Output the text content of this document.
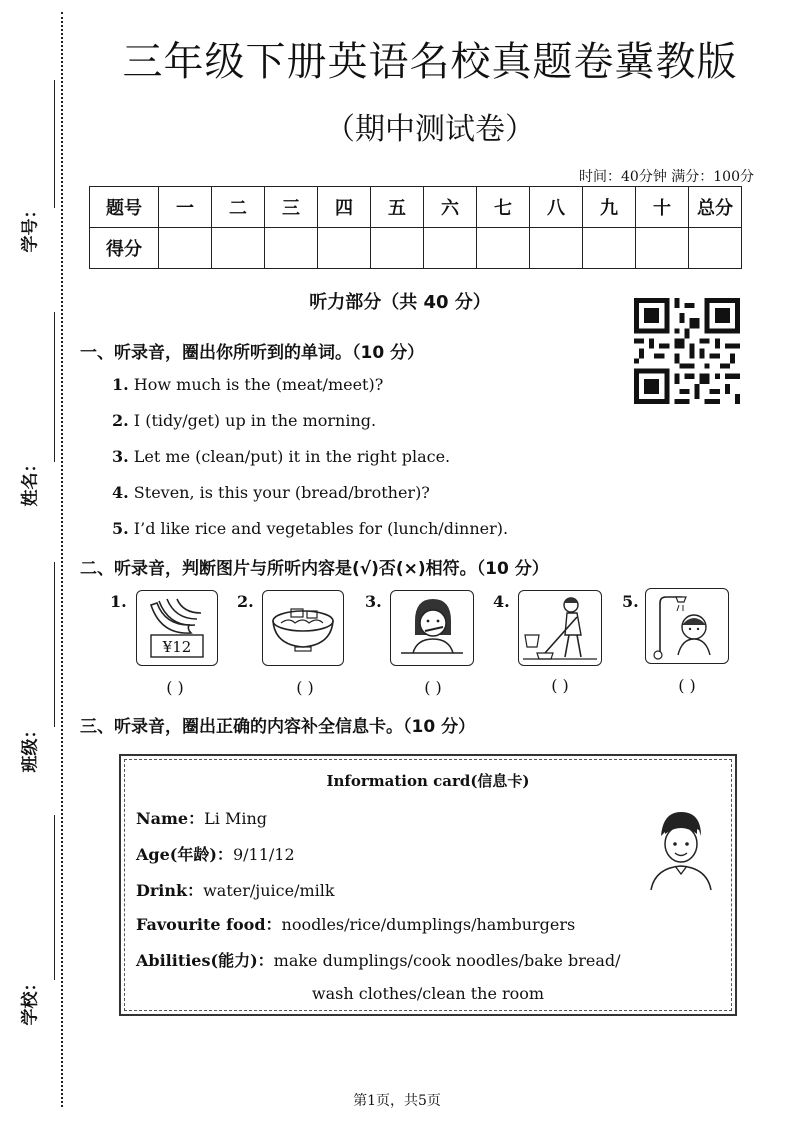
学号：
姓名：
班级：
学校：
三年级下册英语名校真题卷冀教版
（期中测试卷）
时间：40分钟 满分：100分
题号	一	二	三	四	五	六	七	八	九	十	总分
得分											
听力部分（共 40 分）
一、听录音，圈出你所听到的单词。（10 分）
1. How much is the (meat/meet)?
2. I (tidy/get) up in the morning.
3. Let me (clean/put) it in the right place.
4. Steven, is this your (bread/brother)?
5. I’d like rice and vegetables for (lunch/dinner).
二、听录音，判断图片与所听内容是(√)否(×)相符。（10 分）
1.
¥12
( )
2.
( )
3.
( )
4.
( )
5.
( )
三、听录音，圈出正确的内容补全信息卡。（10 分）
Information card(信息卡)
Name：Li Ming
Age(年龄)：9/11/12
Drink：water/juice/milk
Favourite food：noodles/rice/dumplings/hamburgers
Abilities(能力)：make dumplings/cook noodles/bake bread/
wash clothes/clean the room
第1页，共5页
